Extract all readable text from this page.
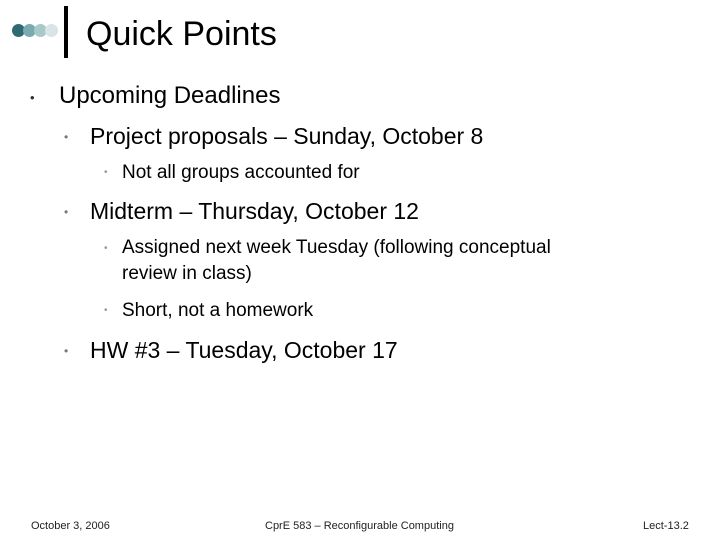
Quick Points
• Upcoming Deadlines
• Project proposals – Sunday, October 8
• Not all groups accounted for
• Midterm – Thursday, October 12
• Assigned next week Tuesday (following conceptual
review in class)
• Short, not a homework
• HW #3 – Tuesday, October 17
October 3, 2006	CprE 583 – Reconfigurable Computing	Lect-13.2
